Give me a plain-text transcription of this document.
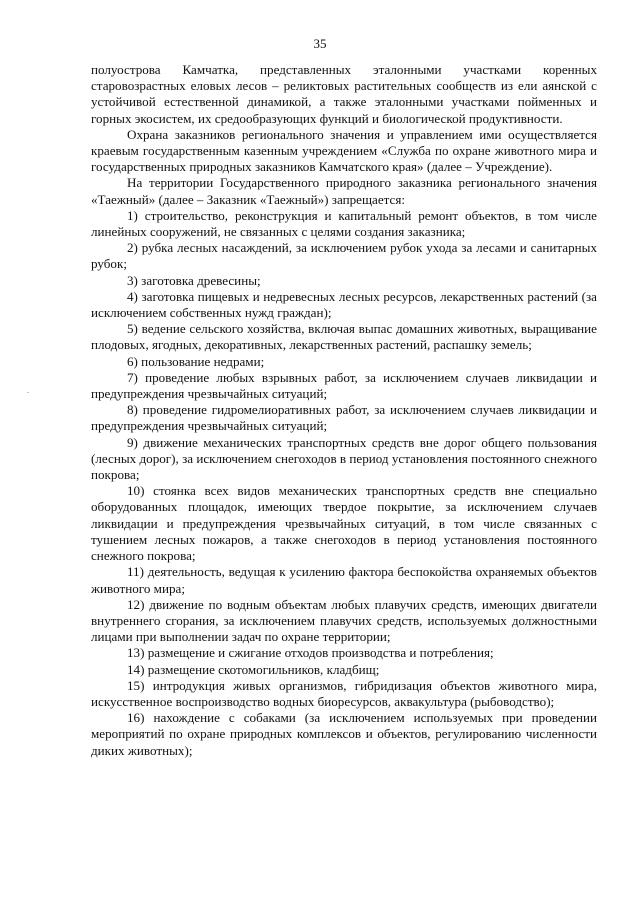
35
.

полуострова Камчатка, представленных эталонными участками коренных старовозрастных еловых лесов – реликтовых растительных сообществ из ели аянской с устойчивой естественной динамикой, а также эталонными участками пойменных и горных экосистем, их средообразующих функций и биологической продуктивности.

Охрана заказников регионального значения и управлением ими осуществляется краевым государственным казенным учреждением «Служба по охране животного мира и государственных природных заказников Камчатского края» (далее – Учреждение).

На территории Государственного природного заказника регионального значения «Таежный» (далее – Заказник «Таежный») запрещается:

1) строительство, реконструкция и капитальный ремонт объектов, в том числе линейных сооружений, не связанных с целями создания заказника;

2) рубка лесных насаждений, за исключением рубок ухода за лесами и санитарных рубок;

3) заготовка древесины;

4) заготовка пищевых и недревесных лесных ресурсов, лекарственных растений (за исключением собственных нужд граждан);

5) ведение сельского хозяйства, включая выпас домашних животных, выращивание плодовых, ягодных, декоративных, лекарственных растений, распашку земель;

6) пользование недрами;

7) проведение любых взрывных работ, за исключением случаев ликвидации и предупреждения чрезвычайных ситуаций;

8) проведение гидромелиоративных работ, за исключением случаев ликвидации и предупреждения чрезвычайных ситуаций;

9) движение механических транспортных средств вне дорог общего пользования (лесных дорог), за исключением снегоходов в период установления постоянного снежного покрова;

10) стоянка всех видов механических транспортных средств вне специально оборудованных площадок, имеющих твердое покрытие, за исключением случаев ликвидации и предупреждения чрезвычайных ситуаций, в том числе связанных с тушением лесных пожаров, а также снегоходов в период установления постоянного снежного покрова;

11) деятельность, ведущая к усилению фактора беспокойства охраняемых объектов животного мира;

12) движение по водным объектам любых плавучих средств, имеющих двигатели внутреннего сгорания, за исключением плавучих средств, используемых должностными лицами при выполнении задач по охране территории;

13) размещение и сжигание отходов производства и потребления;

14) размещение скотомогильников, кладбищ;

15) интродукция живых организмов, гибридизация объектов животного мира, искусственное воспроизводство водных биоресурсов, аквакультура (рыбоводство);

16) нахождение с собаками (за исключением используемых при проведении мероприятий по охране природных комплексов и объектов, регулированию численности диких животных);
